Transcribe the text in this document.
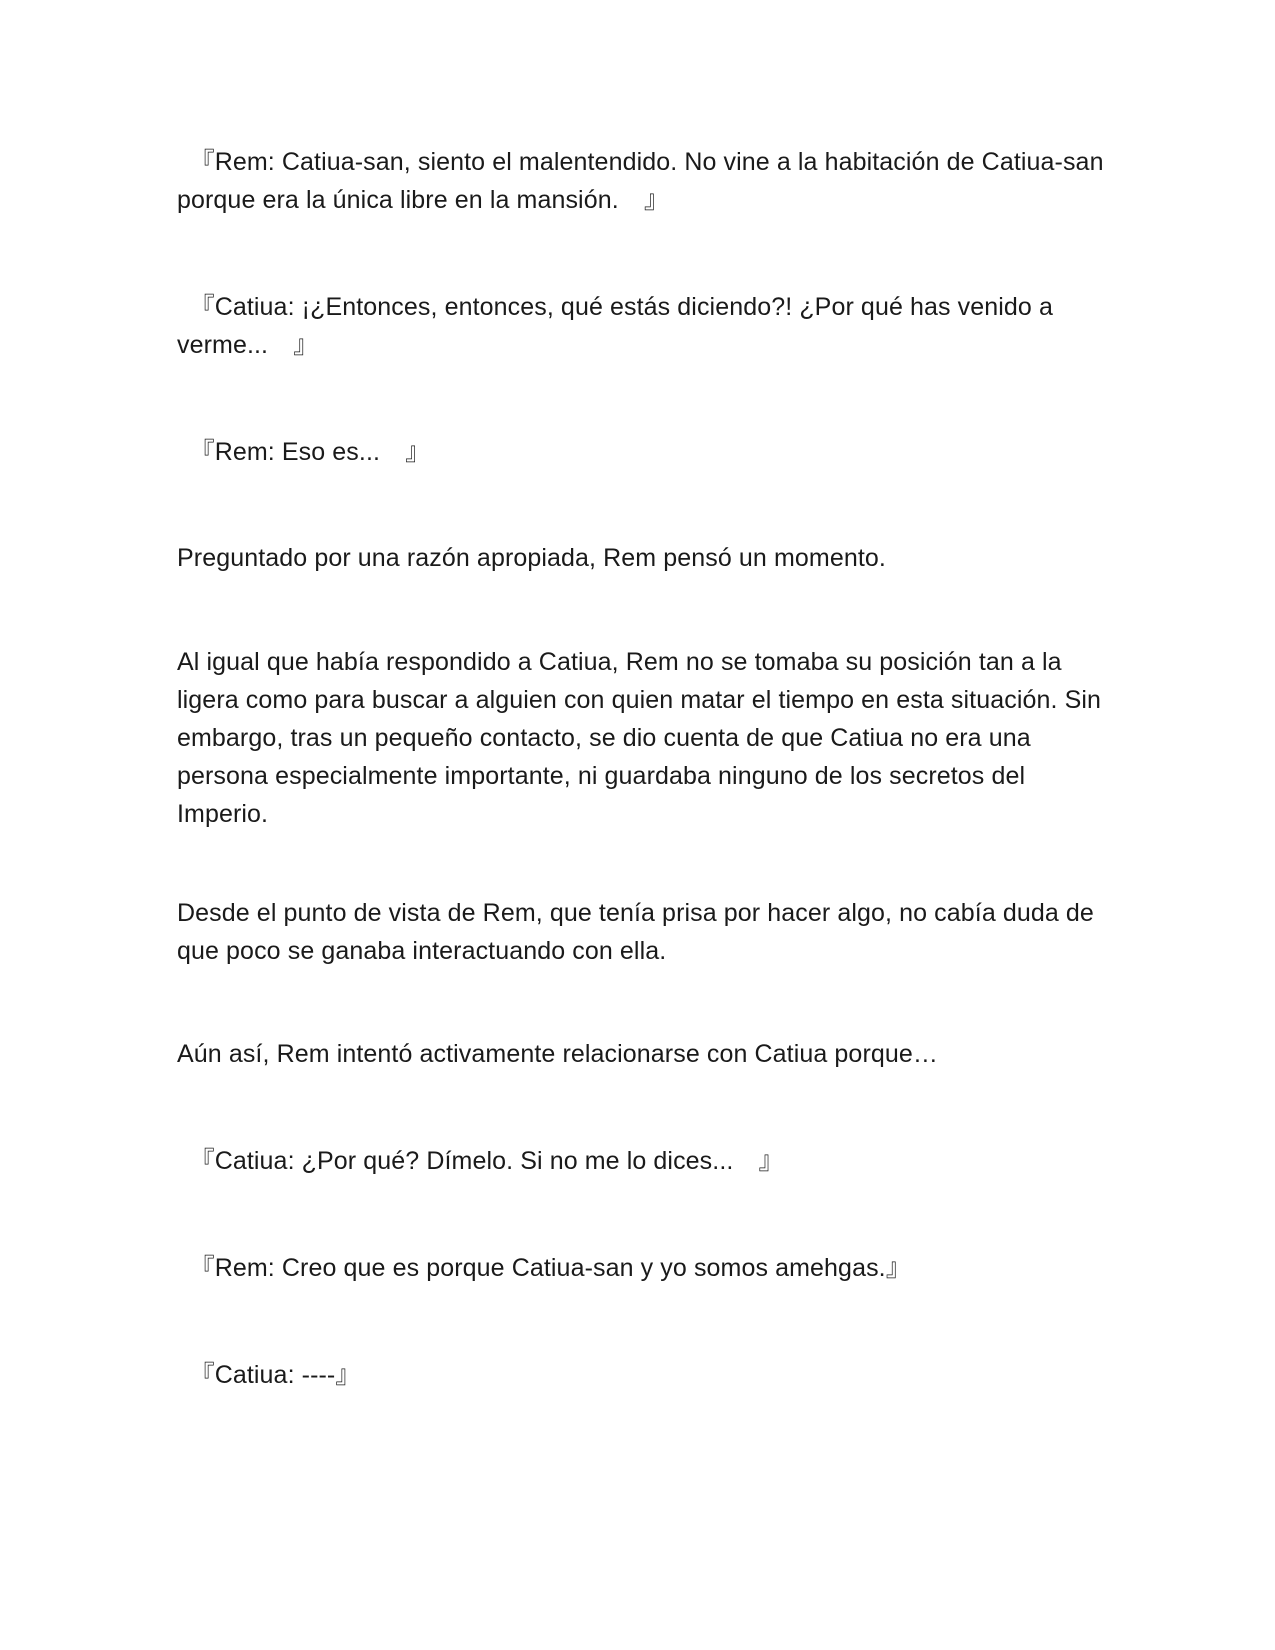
　『Rem: Catiua-san, siento el malentendido. No vine a la habitación de Catiua-san porque era la única libre en la mansión.　』

　『Catiua: ¡¿Entonces, entonces, qué estás diciendo?! ¿Por qué has venido a verme...　』

　『Rem: Eso es...　』

Preguntado por una razón apropiada, Rem pensó un momento.

Al igual que había respondido a Catiua, Rem no se tomaba su posición tan a la ligera como para buscar a alguien con quien matar el tiempo en esta situación. Sin embargo, tras un pequeño contacto, se dio cuenta de que Catiua no era una persona especialmente importante, ni guardaba ninguno de los secretos del Imperio.

Desde el punto de vista de Rem, que tenía prisa por hacer algo, no cabía duda de que poco se ganaba interactuando con ella.

Aún así, Rem intentó activamente relacionarse con Catiua porque…

　『Catiua: ¿Por qué? Dímelo. Si no me lo dices...　』

　『Rem: Creo que es porque Catiua-san y yo somos amehgas.』

　『Catiua: ----』
